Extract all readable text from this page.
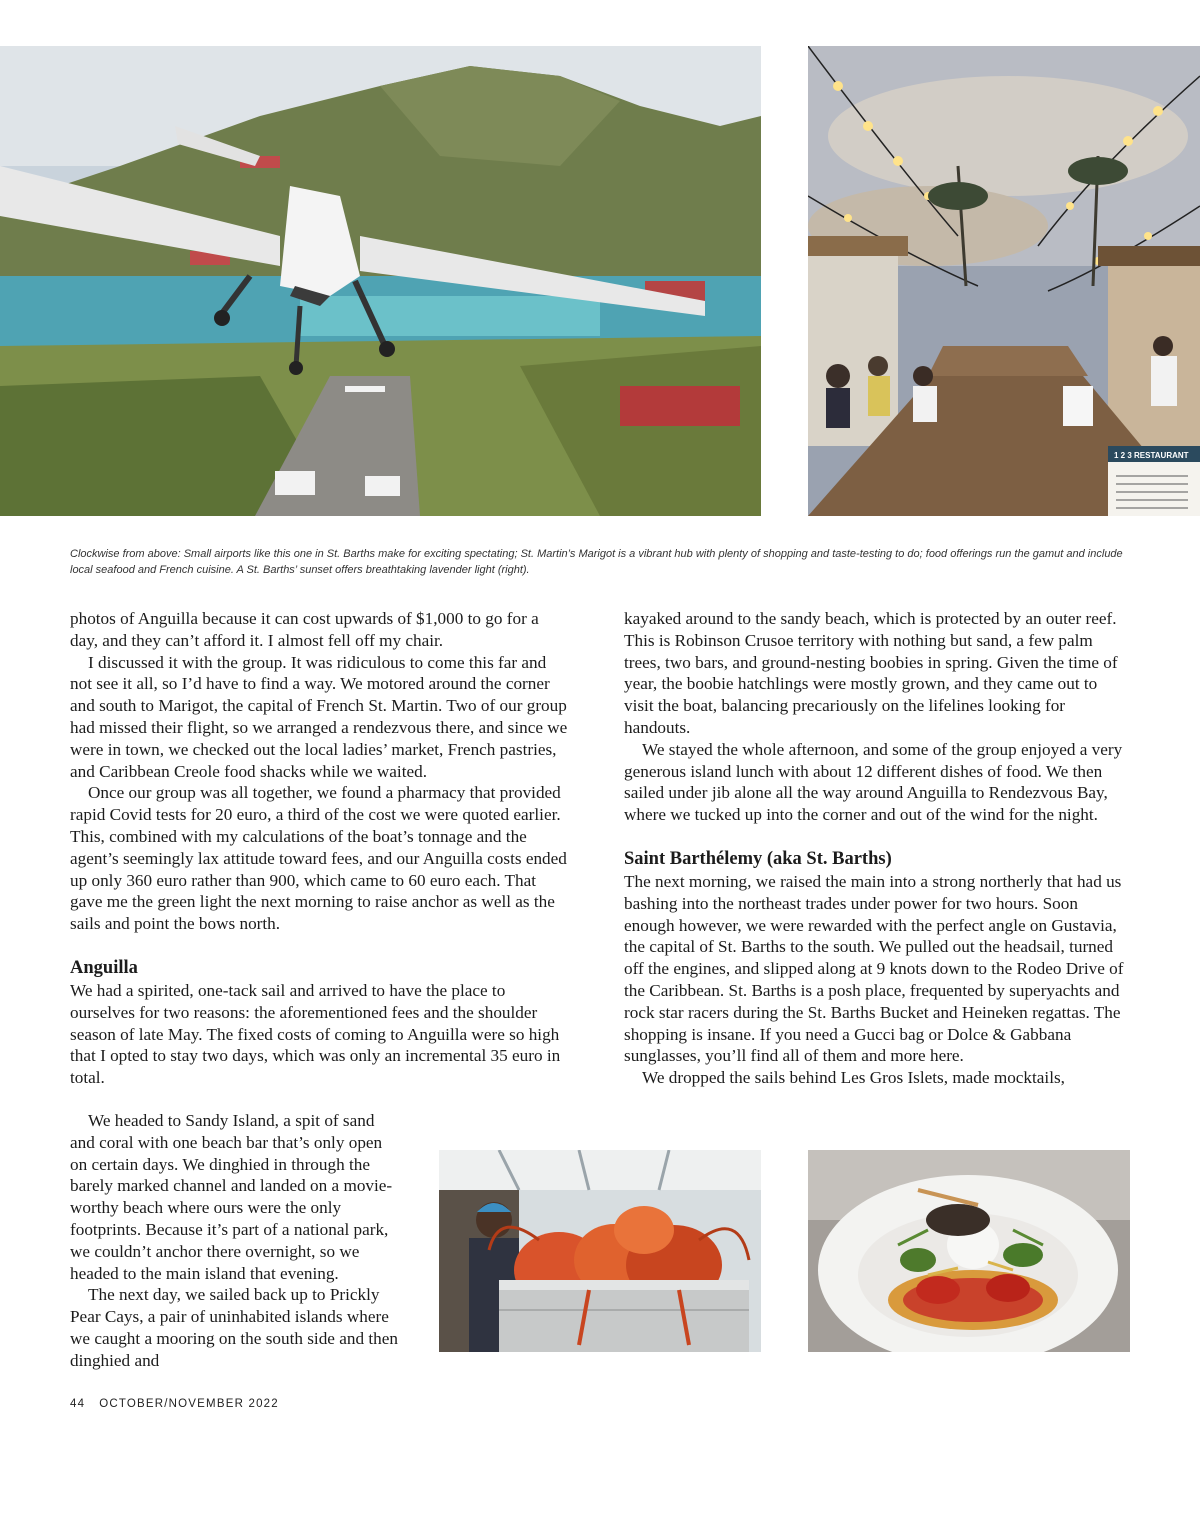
1 2 3 RESTAURANT
Clockwise from above: Small airports like this one in St. Barths make for exciting spectating; St. Martin’s Marigot is a vibrant hub with plenty of shopping and taste-testing to do; food offerings run the gamut and include local seafood and French cuisine. A St. Barths’ sunset offers breathtaking lavender light (right).

photos of Anguilla because it can cost upwards of $1,000 to go for a day, and they can’t afford it. I almost fell off my chair.

I discussed it with the group. It was ridiculous to come this far and not see it all, so I’d have to find a way. We motored around the corner and south to Marigot, the capital of French St. Martin. Two of our group had missed their flight, so we arranged a rendezvous there, and since we were in town, we checked out the local ladies’ market, French pastries, and Caribbean Creole food shacks while we waited.

Once our group was all together, we found a pharmacy that provided rapid Covid tests for 20 euro, a third of the cost we were quoted earlier. This, combined with my calculations of the boat’s tonnage and the agent’s seemingly lax attitude toward fees, and our Anguilla costs ended up only 360 euro rather than 900, which came to 60 euro each. That gave me the green light the next morning to raise anchor as well as the sails and point the bows north.

Anguilla

We had a spirited, one-tack sail and arrived to have the place to ourselves for two reasons: the aforementioned fees and the shoulder season of late May. The fixed costs of coming to Anguilla were so high that I opted to stay two days, which was only an incremental 35 euro in total.

We headed to Sandy Island, a spit of sand and coral with one beach bar that’s only open on certain days. We dinghied in through the barely marked channel and landed on a movie-worthy beach where ours were the only footprints. Because it’s part of a national park, we couldn’t anchor there overnight, so we headed to the main island that evening.

The next day, we sailed back up to Prickly Pear Cays, a pair of uninhabited islands where we caught a mooring on the south side and then dinghied and

kayaked around to the sandy beach, which is protected by an outer reef. This is Robinson Crusoe territory with nothing but sand, a few palm trees, two bars, and ground-nesting boobies in spring. Given the time of year, the boobie hatchlings were mostly grown, and they came out to visit the boat, balancing precariously on the lifelines looking for handouts.

We stayed the whole afternoon, and some of the group enjoyed a very generous island lunch with about 12 different dishes of food. We then sailed under jib alone all the way around Anguilla to Rendezvous Bay, where we tucked up into the corner and out of the wind for the night.

Saint Barthélemy (aka St. Barths)

The next morning, we raised the main into a strong northerly that had us bashing into the northeast trades under power for two hours. Soon enough however, we were rewarded with the perfect angle on Gustavia, the capital of St. Barths to the south. We pulled out the headsail, turned off the engines, and slipped along at 9 knots down to the Rodeo Drive of the Caribbean. St. Barths is a posh place, frequented by superyachts and rock star racers during the St. Barths Bucket and Heineken regattas. The shopping is insane. If you need a Gucci bag or Dolce & Gabbana sunglasses, you’ll find all of them and more here.

We dropped the sails behind Les Gros Islets, made mocktails,

44 OCTOBER/NOVEMBER 2022
